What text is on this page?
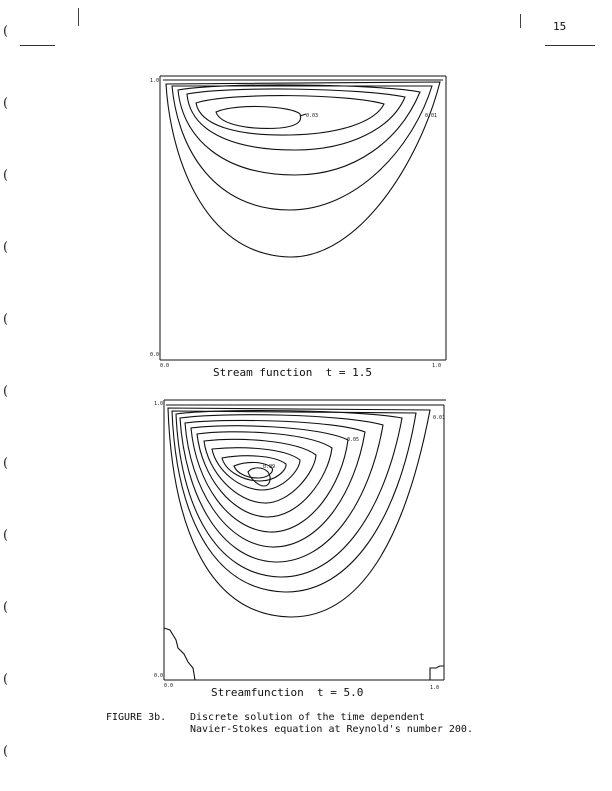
15
(
(
(
(
(
(
(
(
(
(
(
0.03	0.01
1.0
0.0
0.0	1.0
Stream function  t = 1.5
0.09
0.05
0.01
1.0
0.0
0.0	1.0
Streamfunction  t = 5.0
FIGURE 3b. Discrete solution of the time dependent
Navier-Stokes equation at Reynold's number 200.
